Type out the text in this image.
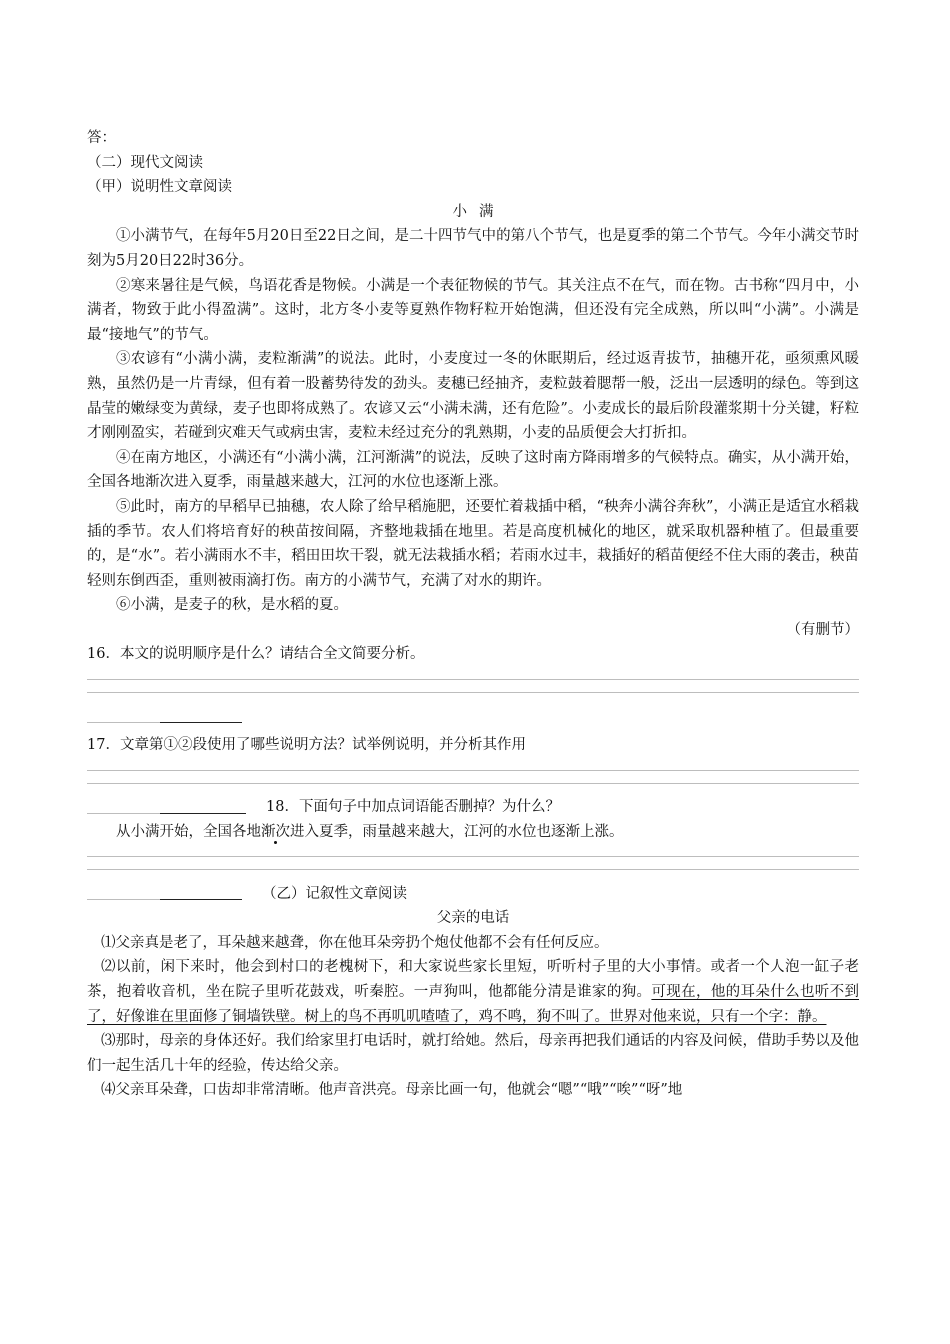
答：
（二）现代文阅读
（甲）说明性文章阅读
小满
①小满节气，在每年5月20日至22日之间，是二十四节气中的第八个节气，也是夏季的第二个节气。今年小满交节时刻为5月20日22时36分。
②寒来暑往是气候，鸟语花香是物候。小满是一个表征物候的节气。其关注点不在气，而在物。古书称“四月中，小满者，物致于此小得盈满”。这时，北方冬小麦等夏熟作物籽粒开始饱满，但还没有完全成熟，所以叫“小满”。小满是最“接地气”的节气。
③农谚有“小满小满，麦粒渐满”的说法。此时，小麦度过一冬的休眠期后，经过返青拔节，抽穗开花，亟须熏风暖熟，虽然仍是一片青绿，但有着一股蓄势待发的劲头。麦穗已经抽齐，麦粒鼓着腮帮一般，泛出一层透明的绿色。等到这晶莹的嫩绿变为黄绿，麦子也即将成熟了。农谚又云“小满未满，还有危险”。小麦成长的最后阶段灌浆期十分关键，籽粒才刚刚盈实，若碰到灾难天气或病虫害，麦粒未经过充分的乳熟期，小麦的品质便会大打折扣。
④在南方地区，小满还有“小满小满，江河渐满”的说法，反映了这时南方降雨增多的气候特点。确实，从小满开始，全国各地渐次进入夏季，雨量越来越大，江河的水位也逐渐上涨。
⑤此时，南方的早稻早已抽穗，农人除了给早稻施肥，还要忙着栽插中稻，“秧奔小满谷奔秋”，小满正是适宜水稻栽插的季节。农人们将培育好的秧苗按间隔，齐整地栽插在地里。若是高度机械化的地区，就采取机器种植了。但最重要的，是“水”。若小满雨水不丰，稻田田坎干裂，就无法栽插水稻；若雨水过丰，栽插好的稻苗便经不住大雨的袭击，秧苗轻则东倒西歪，重则被雨滴打伤。南方的小满节气，充满了对水的期许。
⑥小满，是麦子的秋，是水稻的夏。
（有删节）
16．本文的说明顺序是什么？请结合全文简要分析。
17．文章第①②段使用了哪些说明方法？试举例说明，并分析其作用
18．下面句子中加点词语能否删掉？为什么？
从小满开始，全国各地渐次进入夏季，雨量越来越大，江河的水位也逐渐上涨。
（乙）记叙性文章阅读
父亲的电话
⑴父亲真是老了，耳朵越来越聋，你在他耳朵旁扔个炮仗他都不会有任何反应。
⑵以前，闲下来时，他会到村口的老槐树下，和大家说些家长里短，听听村子里的大小事情。或者一个人泡一缸子老茶，抱着收音机，坐在院子里听花鼓戏，听秦腔。一声狗叫，他都能分清是谁家的狗。可现在，他的耳朵什么也听不到了，好像谁在里面修了铜墙铁壁。树上的鸟不再叽叽喳喳了，鸡不鸣，狗不叫了。世界对他来说，只有一个字：静。
⑶那时，母亲的身体还好。我们给家里打电话时，就打给她。然后，母亲再把我们通话的内容及问候，借助手势以及他们一起生活几十年的经验，传达给父亲。
⑷父亲耳朵聋，口齿却非常清晰。他声音洪亮。母亲比画一句，他就会“嗯”“哦”“唉”“呀”地
